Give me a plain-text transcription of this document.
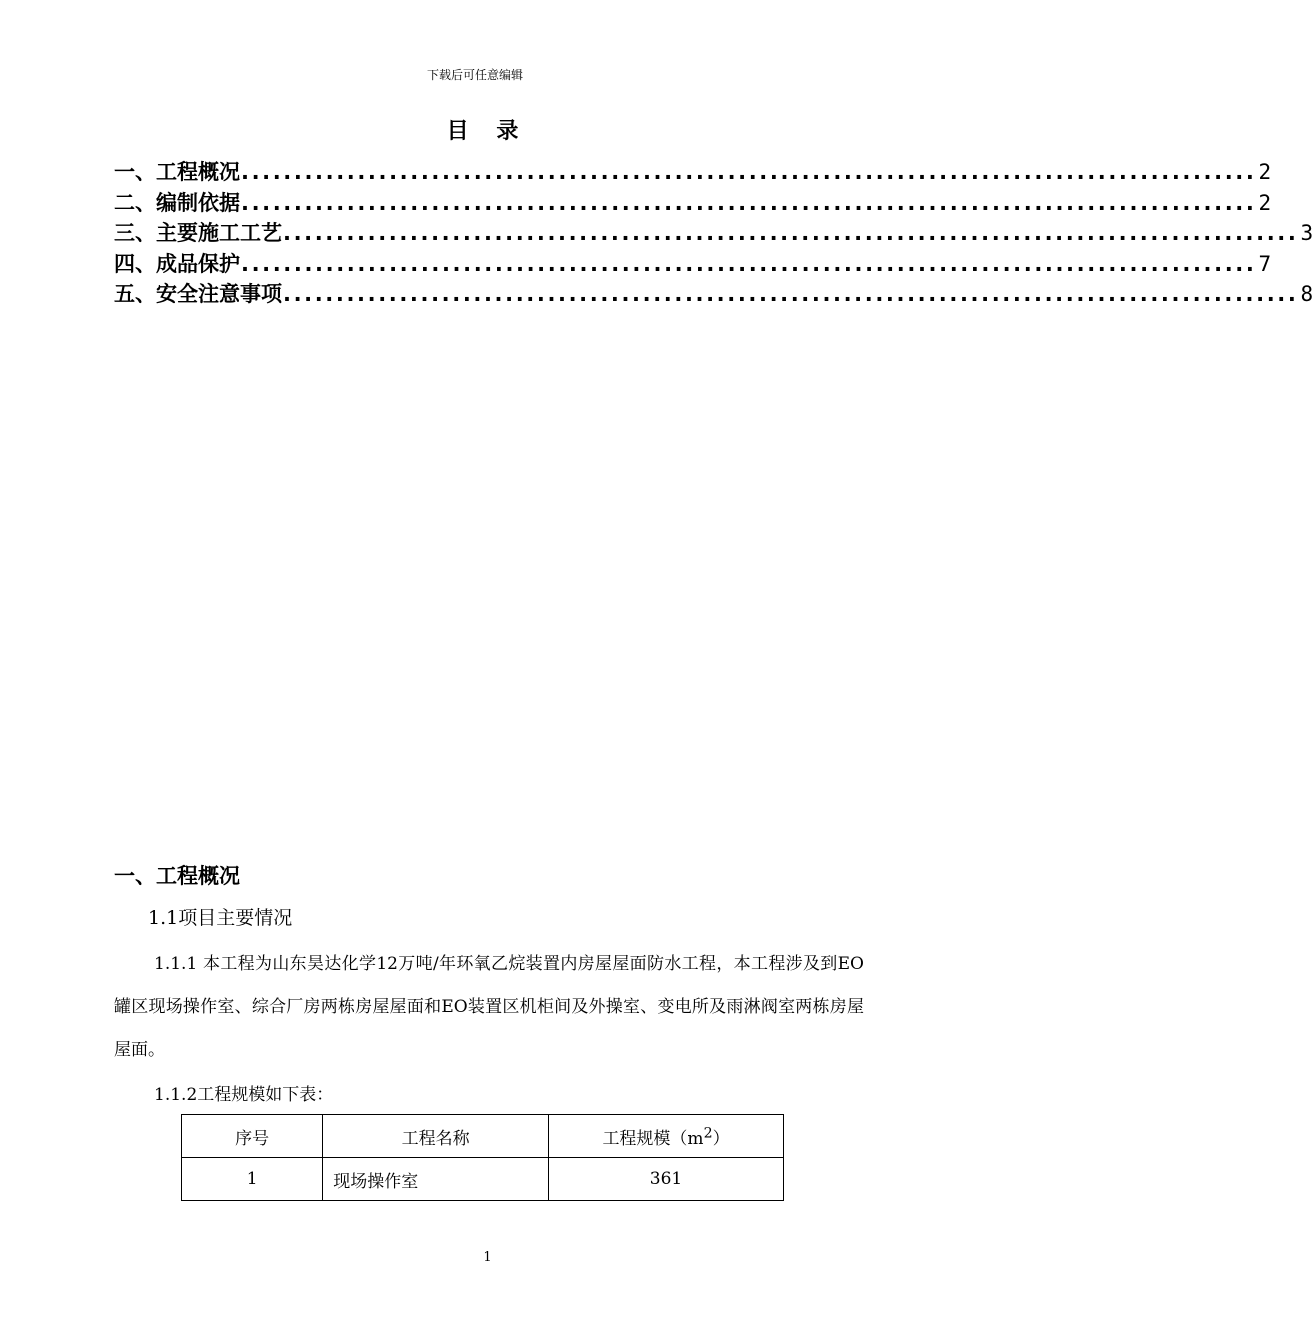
下载后可任意编辑
目 录
一、工程概况 ................................................................................................ 2
二、编制依据 ................................................................................................ 2
三、主要施工工艺 ................................................................................................ 3
四、成品保护 ................................................................................................ 7
五、安全注意事项 ................................................................................................ 8
一、工程概况
1.1项目主要情况
1.1.1 本工程为山东昊达化学12万吨/年环氧乙烷装置内房屋屋面防水工程，本工程涉及到EO罐区现场操作室、综合厂房两栋房屋屋面和EO装置区机柜间及外操室、变电所及雨淋阀室两栋房屋屋面。
1.1.2工程规模如下表：
序号	工程名称	工程规模$(m^2)$
1	现场操作室	361
1
